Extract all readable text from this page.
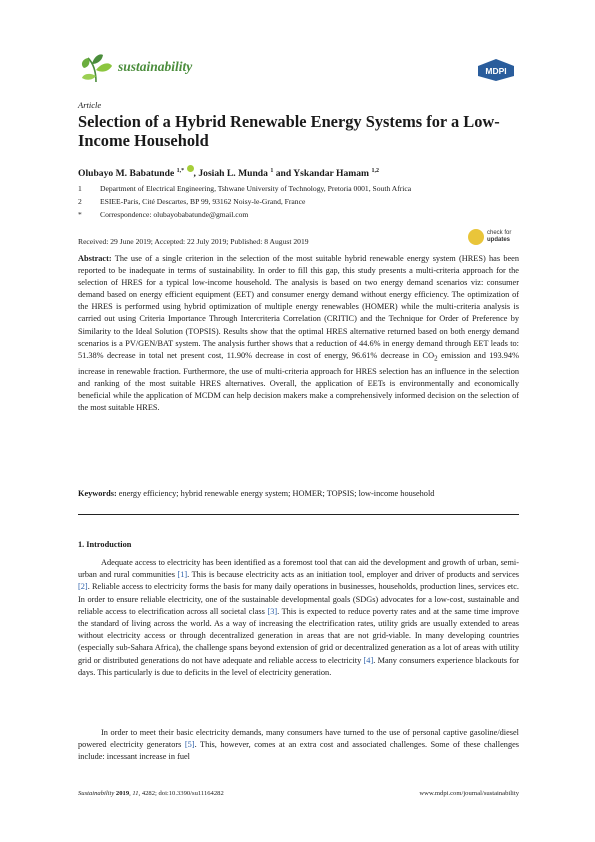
sustainability	MDPI
Article
Selection of a Hybrid Renewable Energy Systems for a Low-Income Household
Olubayo M. Babatunde $^{1,*}$ , Josiah L. Munda $^1$ and Yskandar Hamam $^{1,2}$
1 Department of Electrical Engineering, Tshwane University of Technology, Pretoria 0001, South Africa
2 ESIEE-Paris, Cité Descartes, BP 99, 93162 Noisy-le-Grand, France
* Correspondence: olubayobabatunde@gmail.com
Received: 29 June 2019; Accepted: 22 July 2019; Published: 8 August 2019
check for
updates
Abstract: The use of a single criterion in the selection of the most suitable hybrid renewable energy system (HRES) has been reported to be inadequate in terms of sustainability. In order to fill this gap, this study presents a multi-criteria approach for the selection of HRES for a typical low-income household. The analysis is based on two energy demand scenarios viz: consumer demand based on energy efficient equipment (EET) and consumer energy demand without energy efficiency. The optimization of the HRES is performed using hybrid optimization of multiple energy renewables (HOMER) while the multi-criteria analysis is carried out using Criteria Importance Through Intercriteria Correlation (CRITIC) and the Technique for Order of Preference by Similarity to the Ideal Solution (TOPSIS). Results show that the optimal HRES alternative returned based on both energy demand scenarios is a PV/GEN/BAT system. The analysis further shows that a reduction of 44.6% in energy demand through EET leads to: 51.38% decrease in total net present cost, 11.90% decrease in cost of energy, 96.61% decrease in $CO_2$ emission and 193.94% increase in renewable fraction. Furthermore, the use of multi-criteria approach for HRES selection has an influence in the selection and ranking of the most suitable HRES alternatives. Overall, the application of EETs is environmentally and economically beneficial while the application of MCDM can help decision makers make a comprehensively informed decision on the selection of the most suitable HRES.
Keywords: energy efficiency; hybrid renewable energy system; HOMER; TOPSIS; low-income household
1. Introduction
Adequate access to electricity has been identified as a foremost tool that can aid the development and growth of urban, semi-urban and rural communities [1]. This is because electricity acts as an initiation tool, employer and driver of products and services [2]. Reliable access to electricity forms the basis for many daily operations in businesses, households, production lines, services etc. In order to ensure reliable electricity, one of the sustainable developmental goals (SDGs) advocates for a low-cost, sustainable and reliable access to electrification across all societal class [3]. This is expected to reduce poverty rates and at the same time improve the standard of living across the world. As a way of increasing the electrification rates, utility grids are usually extended to areas without electricity access or through decentralized generation in areas that are not grid-viable. In many developing countries (especially sub-Sahara Africa), the challenge spans beyond extension of grid or decentralized generation as a lot of areas with utility grid or distributed generations do not have adequate and reliable access to electricity [4]. Many consumers experience blackouts for days. This particularly is due to deficits in the level of electricity generation.
In order to meet their basic electricity demands, many consumers have turned to the use of personal captive gasoline/diesel powered electricity generators [5]. This, however, comes at an extra cost and associated challenges. Some of these challenges include: incessant increase in fuel
Sustainability 2019, 11, 4282; doi:10.3390/su11164282	www.mdpi.com/journal/sustainability
